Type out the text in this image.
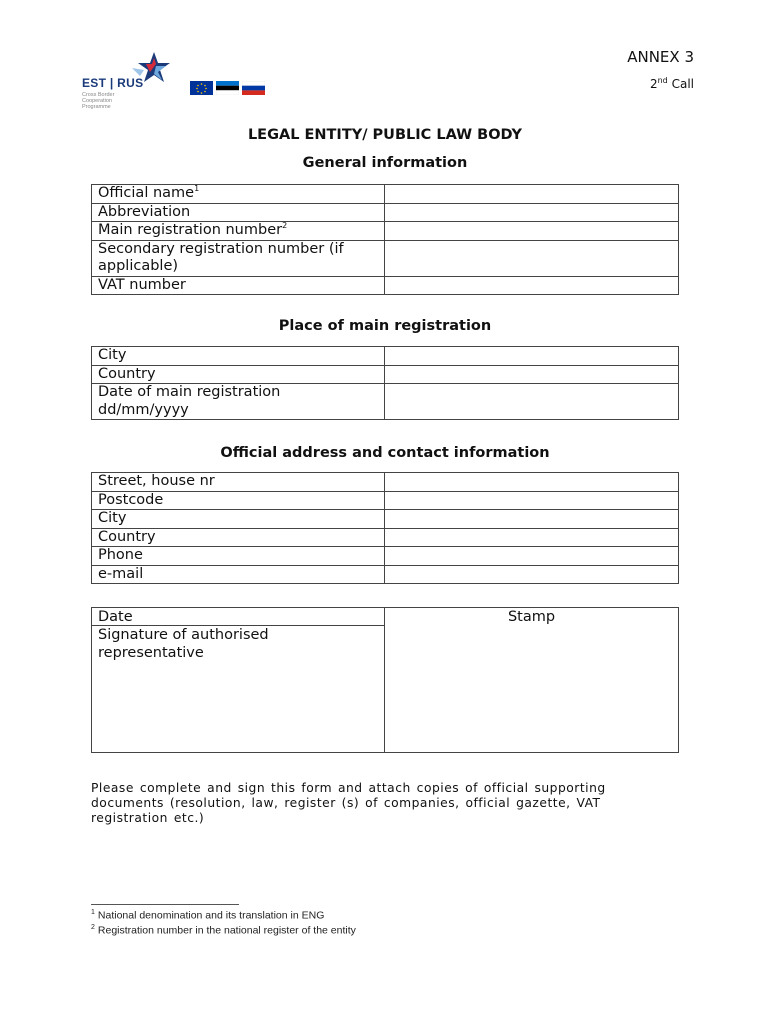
EST | RUS
Cross Border Cooperation Programme
ANNEX 3
2nd Call
LEGAL ENTITY/ PUBLIC LAW BODY
General information
Official name$^1$	
Abbreviation	
Main registration number$^2$	
Secondary registration number (if applicable)	
VAT number	
Place of main registration
City	
Country	
Date of main registration
dd/mm/yyyy	
Official address and contact information
Street, house nr	
Postcode	
City	
Country	
Phone	
e-mail	
Date
Signature of authorised representative
Stamp
Please complete and sign this form and attach copies of official supporting documents (resolution, law, register (s) of companies, official gazette, VAT registration etc.)
$^1$ National denomination and its translation in ENG
$^2$ Registration number in the national register of the entity
